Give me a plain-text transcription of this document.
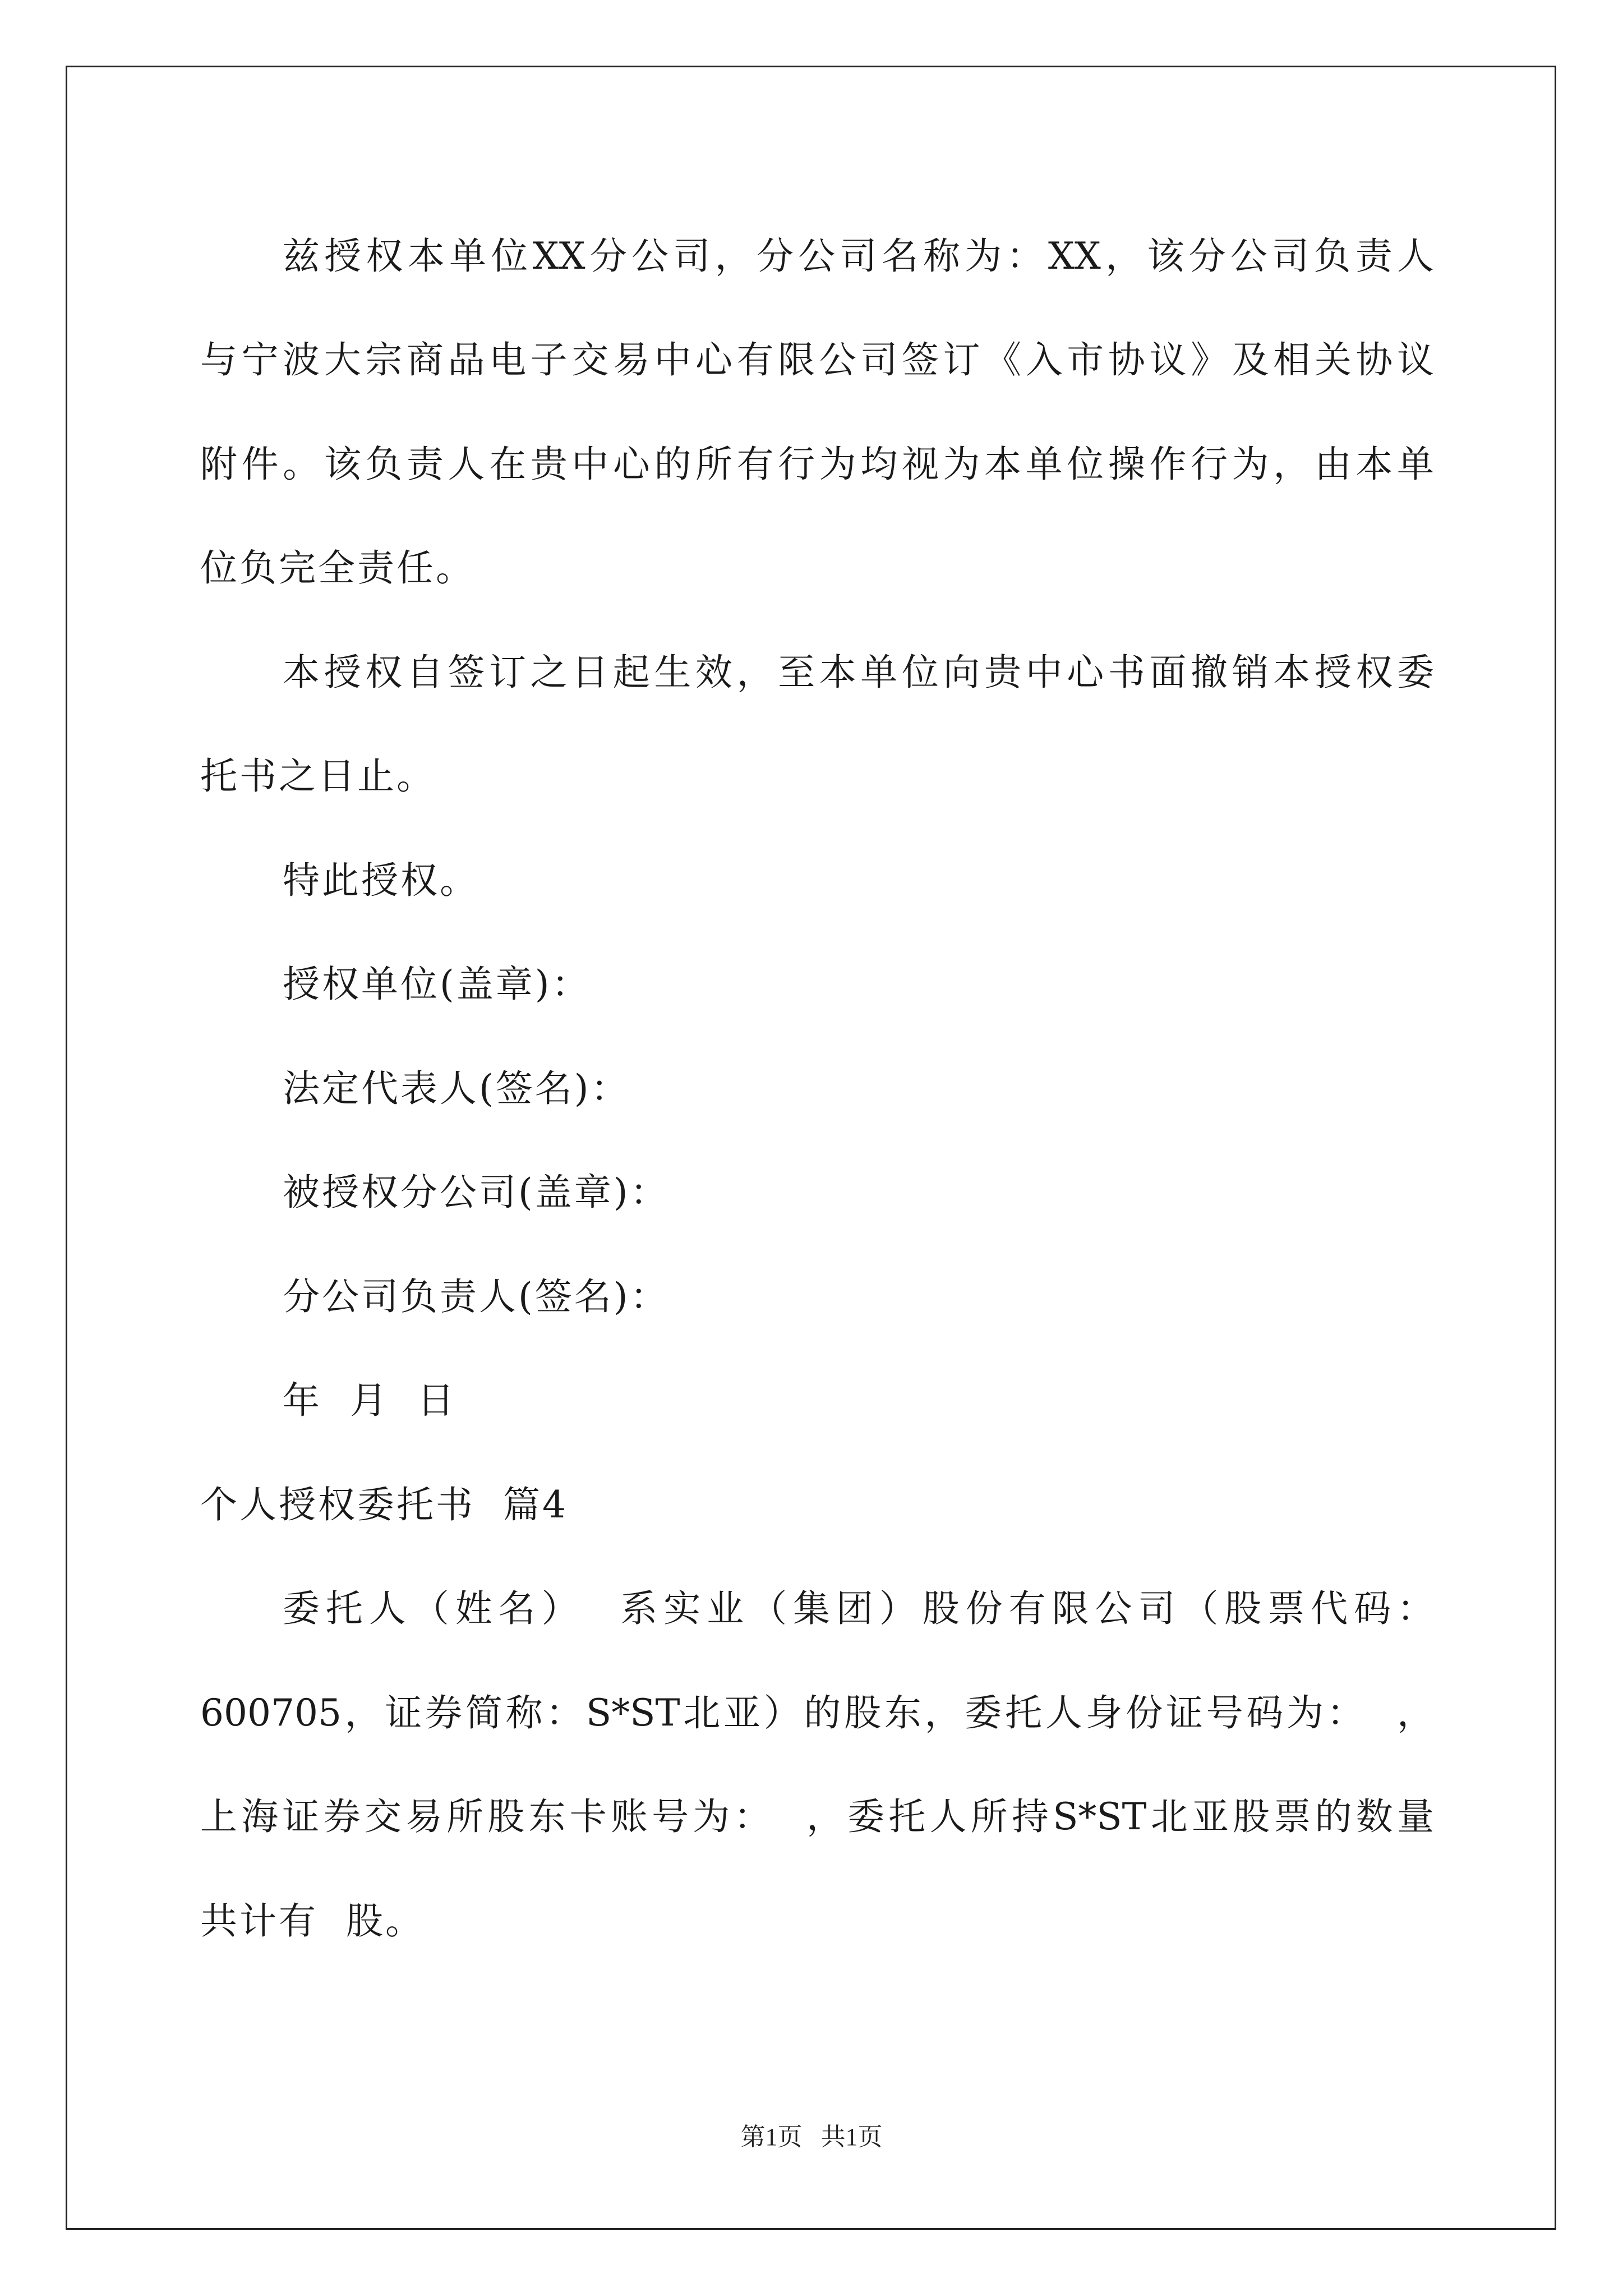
兹授权本单位XX分公司，分公司名称为：XX，该分公司负责人
与宁波大宗商品电子交易中心有限公司签订《入市协议》及相关协议
附件。该负责人在贵中心的所有行为均视为本单位操作行为，由本单
位负完全责任。
本授权自签订之日起生效，至本单位向贵中心书面撤销本授权委
托书之日止。
特此授权。
授权单位(盖章)：
法定代表人(签名)：
被授权分公司(盖章)：
分公司负责人(签名)：
年  月  日
个人授权委托书  篇4
委托人（姓名）  系实业（集团）股份有限公司（股票代码：
600705，证券简称：S*ST北亚）的股东，委托人身份证号码为：  ，
上海证券交易所股东卡账号为：  ，委托人所持S*ST北亚股票的数量
共计有  股。
第1页   共1页
